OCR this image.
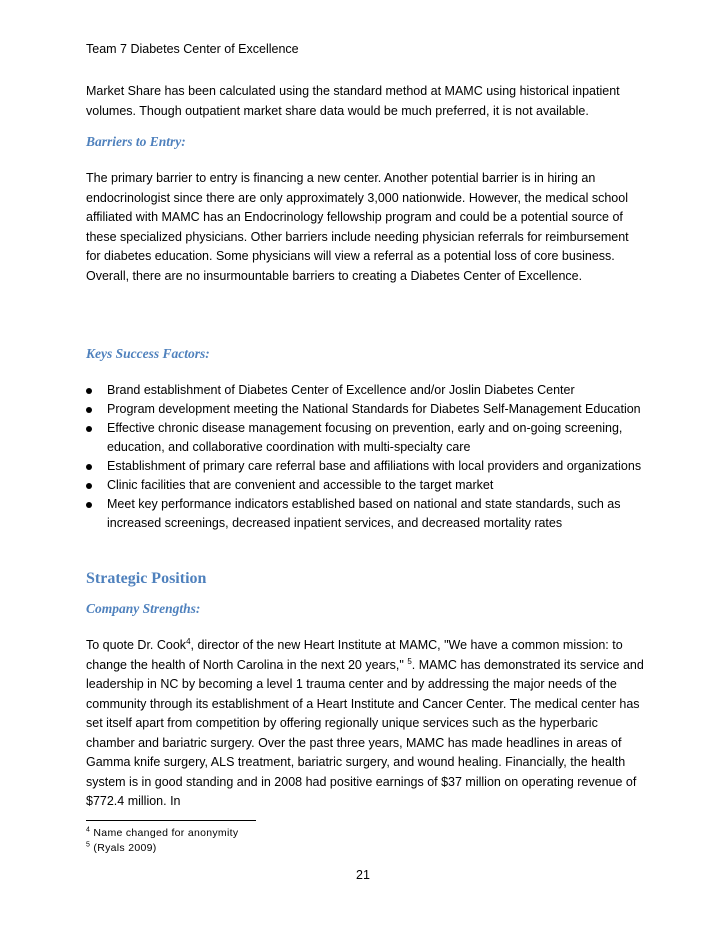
Team 7 Diabetes Center of Excellence

Market Share has been calculated using the standard method at MAMC using historical inpatient volumes. Though outpatient market share data would be much preferred, it is not available.

Barriers to Entry:

The primary barrier to entry is financing a new center. Another potential barrier is in hiring an endocrinologist since there are only approximately 3,000 nationwide. However, the medical school affiliated with MAMC has an Endocrinology fellowship program and could be a potential source of these specialized physicians. Other barriers include needing physician referrals for reimbursement for diabetes education. Some physicians will view a referral as a potential loss of core business. Overall, there are no insurmountable barriers to creating a Diabetes Center of Excellence.

Keys Success Factors:
Brand establishment of Diabetes Center of Excellence and/or Joslin Diabetes Center
Program development meeting the National Standards for Diabetes Self-Management Education
Effective chronic disease management focusing on prevention, early and on-going screening, education, and collaborative coordination with multi-specialty care
Establishment of primary care referral base and affiliations with local providers and organizations
Clinic facilities that are convenient and accessible to the target market
Meet key performance indicators established based on national and state standards, such as increased screenings, decreased inpatient services, and decreased mortality rates
Strategic Position
Company Strengths:

To quote Dr. Cook$^4$, director of the new Heart Institute at MAMC, "We have a common mission: to change the health of North Carolina in the next 20 years," $^5$. MAMC has demonstrated its service and leadership in NC by becoming a level 1 trauma center and by addressing the major needs of the community through its establishment of a Heart Institute and Cancer Center. The medical center has set itself apart from competition by offering regionally unique services such as the hyperbaric chamber and bariatric surgery. Over the past three years, MAMC has made headlines in areas of Gamma knife surgery, ALS treatment, bariatric surgery, and wound healing. Financially, the health system is in good standing and in 2008 had positive earnings of $37 million on operating revenue of $772.4 million. In

$^4$ Name changed for anonymity
$^5$ (Ryals 2009)
21
